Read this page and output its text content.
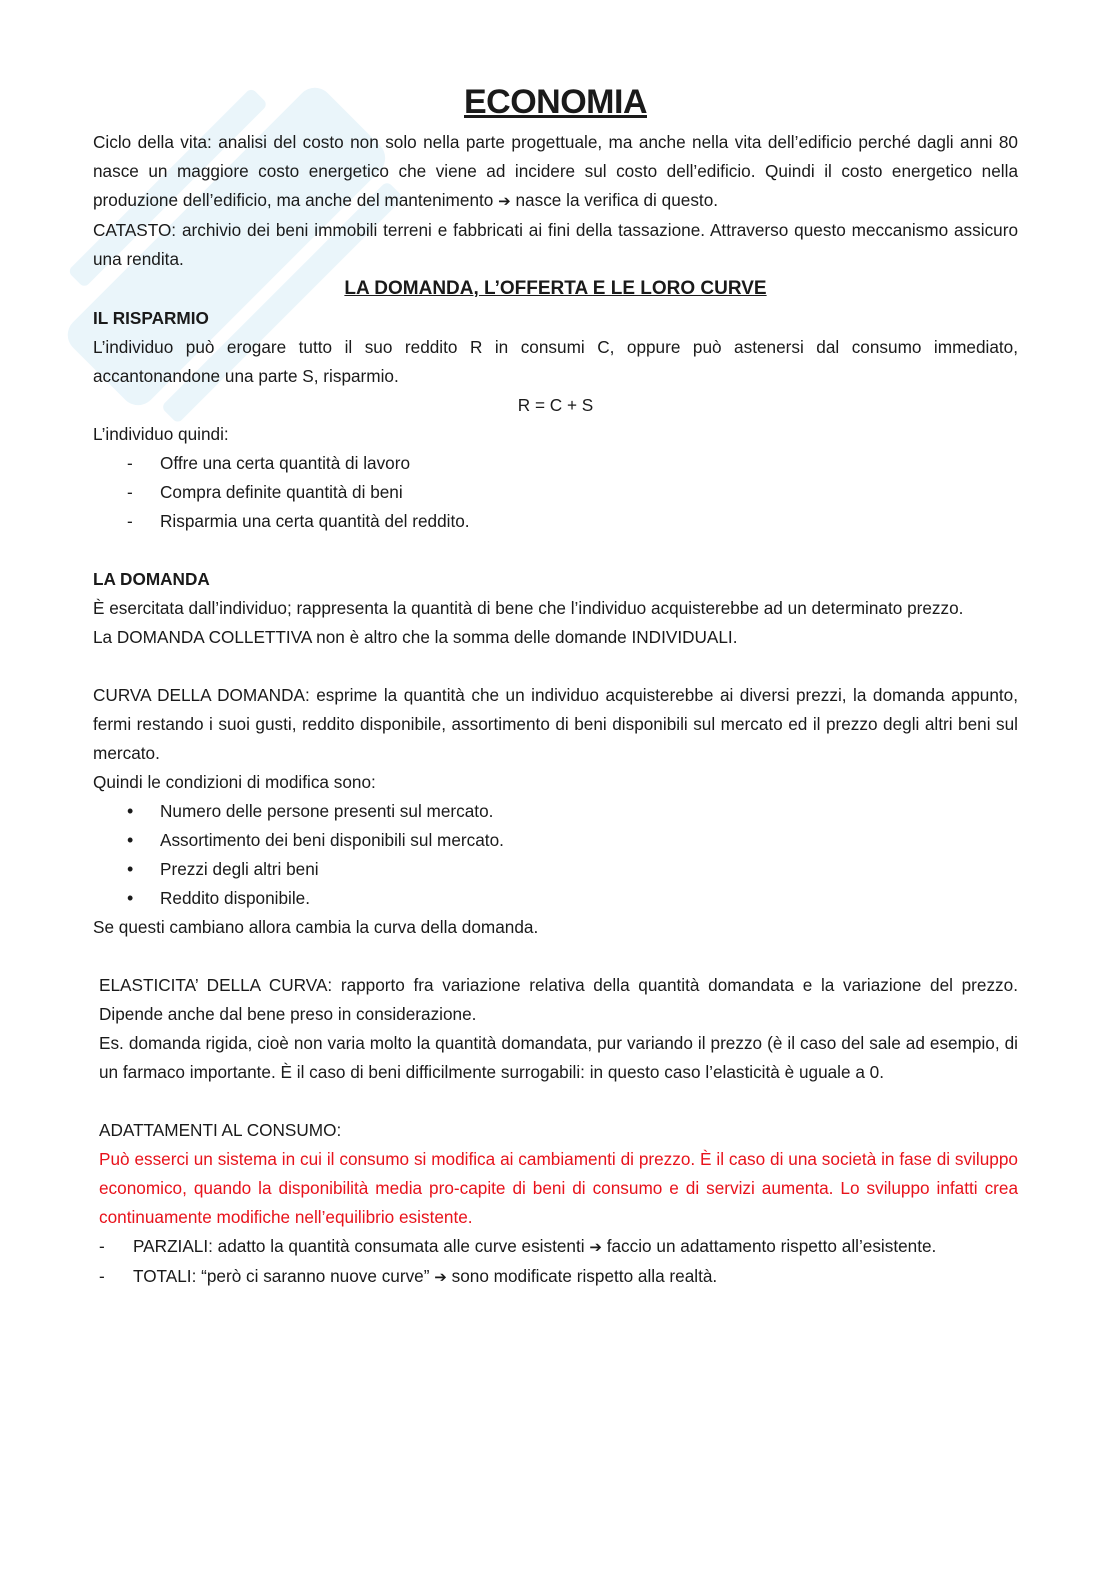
ECONOMIA

Ciclo della vita: analisi del costo non solo nella parte progettuale, ma anche nella vita dell’edificio perché dagli anni 80 nasce un maggiore costo energetico che viene ad incidere sul costo dell’edificio. Quindi il costo energetico nella produzione dell’edificio, ma anche del mantenimento ➔ nasce la verifica di questo.

CATASTO: archivio dei beni immobili terreni e fabbricati ai fini della tassazione. Attraverso questo meccanismo assicuro una rendita.

LA DOMANDA, L’OFFERTA E LE LORO CURVE
IL RISPARMIO

L’individuo può erogare tutto il suo reddito R in consumi C, oppure può astenersi dal consumo immediato, accantonandone una parte S, risparmio.

R = C + S

L’individuo quindi:

- Offre una certa quantità di lavoro
- Compra definite quantità di beni
- Risparmia una certa quantità del reddito.
LA DOMANDA

È esercitata dall’individuo; rappresenta la quantità di bene che l’individuo acquisterebbe ad un determinato prezzo.

La DOMANDA COLLETTIVA non è altro che la somma delle domande INDIVIDUALI.

CURVA DELLA DOMANDA: esprime la quantità che un individuo acquisterebbe ai diversi prezzi, la domanda appunto, fermi restando i suoi gusti, reddito disponibile, assortimento di beni disponibili sul mercato ed il prezzo degli altri beni sul mercato.

Quindi le condizioni di modifica sono:

• Numero delle persone presenti sul mercato.
• Assortimento dei beni disponibili sul mercato.
• Prezzi degli altri beni
• Reddito disponibile.

Se questi cambiano allora cambia la curva della domanda.

ELASTICITA’ DELLA CURVA: rapporto fra variazione relativa della quantità domandata e la variazione del prezzo. Dipende anche dal bene preso in considerazione.

Es. domanda rigida, cioè non varia molto la quantità domandata, pur variando il prezzo (è il caso del sale ad esempio, di un farmaco importante. È il caso di beni difficilmente surrogabili: in questo caso l’elasticità è uguale a 0.

ADATTAMENTI AL CONSUMO:

Può esserci un sistema in cui il consumo si modifica ai cambiamenti di prezzo. È il caso di una società in fase di sviluppo economico, quando la disponibilità media pro-capite di beni di consumo e di servizi aumenta. Lo sviluppo infatti crea continuamente modifiche nell’equilibrio esistente.

- PARZIALI: adatto la quantità consumata alle curve esistenti ➔ faccio un adattamento rispetto all’esistente.
- TOTALI: “però ci saranno nuove curve” ➔ sono modificate rispetto alla realtà.
